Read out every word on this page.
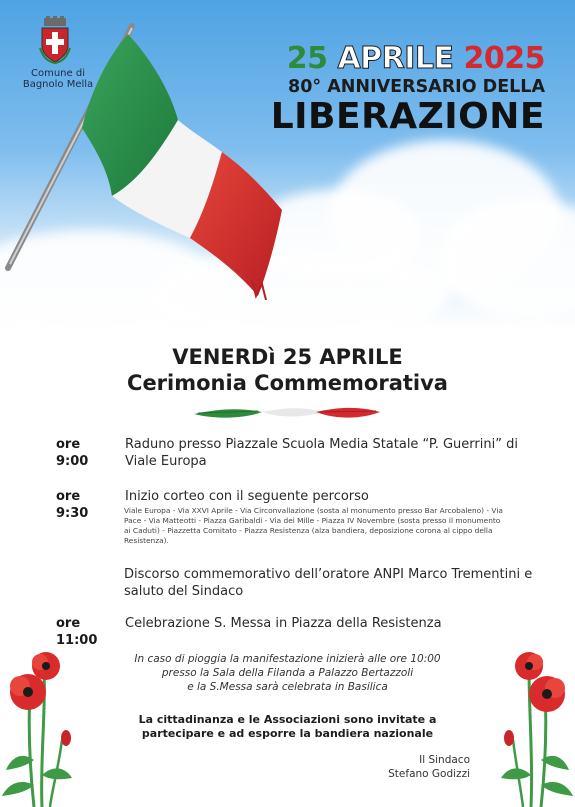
Comune di Bagnolo Mella
25 APRILE 2025
80° ANNIVERSARIO DELLA
LIBERAZIONE
VENERDì 25 APRILE
Cerimonia Commemorativa
ore 9:00
Raduno presso Piazzale Scuola Media Statale “P. Guerrini” di Viale Europa
ore 9:30
Inizio corteo con il seguente percorso
Viale Europa - Via XXVI Aprile - Via Circonvallazione (sosta al monumento presso Bar Arcobaleno) - Via Pace - Via Matteotti - Piazza Garibaldi - Via dei Mille - Piazza IV Novembre (sosta presso il monumento ai Caduti) - Piazzetta Comitato - Piazza Resistenza (alza bandiera, deposizione corona al cippo della Resistenza).
Discorso commemorativo dell’oratore ANPI Marco Trementini e saluto del Sindaco
ore 11:00
Celebrazione S. Messa in Piazza della Resistenza
In caso di pioggia la manifestazione inizierà alle ore 10:00
presso la Sala della Filanda a Palazzo Bertazzoli
e la S.Messa sarà celebrata in Basilica
La cittadinanza e le Associazioni sono invitate a
partecipare e ad esporre la bandiera nazionale
Il Sindaco
Stefano Godizzi
